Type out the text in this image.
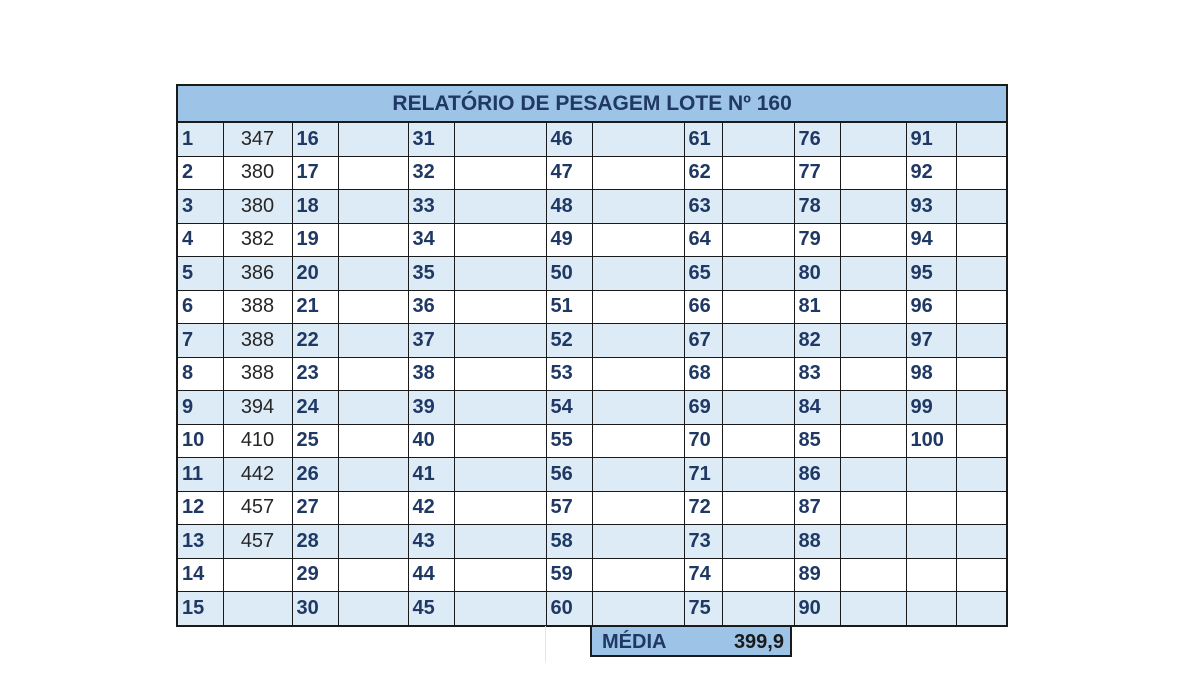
RELATÓRIO DE PESAGEM LOTE Nº 160													
1	347	16		31		46		61		76		91	
2	380	17		32		47		62		77		92	
3	380	18		33		48		63		78		93	
4	382	19		34		49		64		79		94	
5	386	20		35		50		65		80		95	
6	388	21		36		51		66		81		96	
7	388	22		37		52		67		82		97	
8	388	23		38		53		68		83		98	
9	394	24		39		54		69		84		99	
10	410	25		40		55		70		85		100	
11	442	26		41		56		71		86			
12	457	27		42		57		72		87			
13	457	28		43		58		73		88			
14		29		44		59		74		89			
15		30		45		60		75		90			
MÉDIA	399,9
